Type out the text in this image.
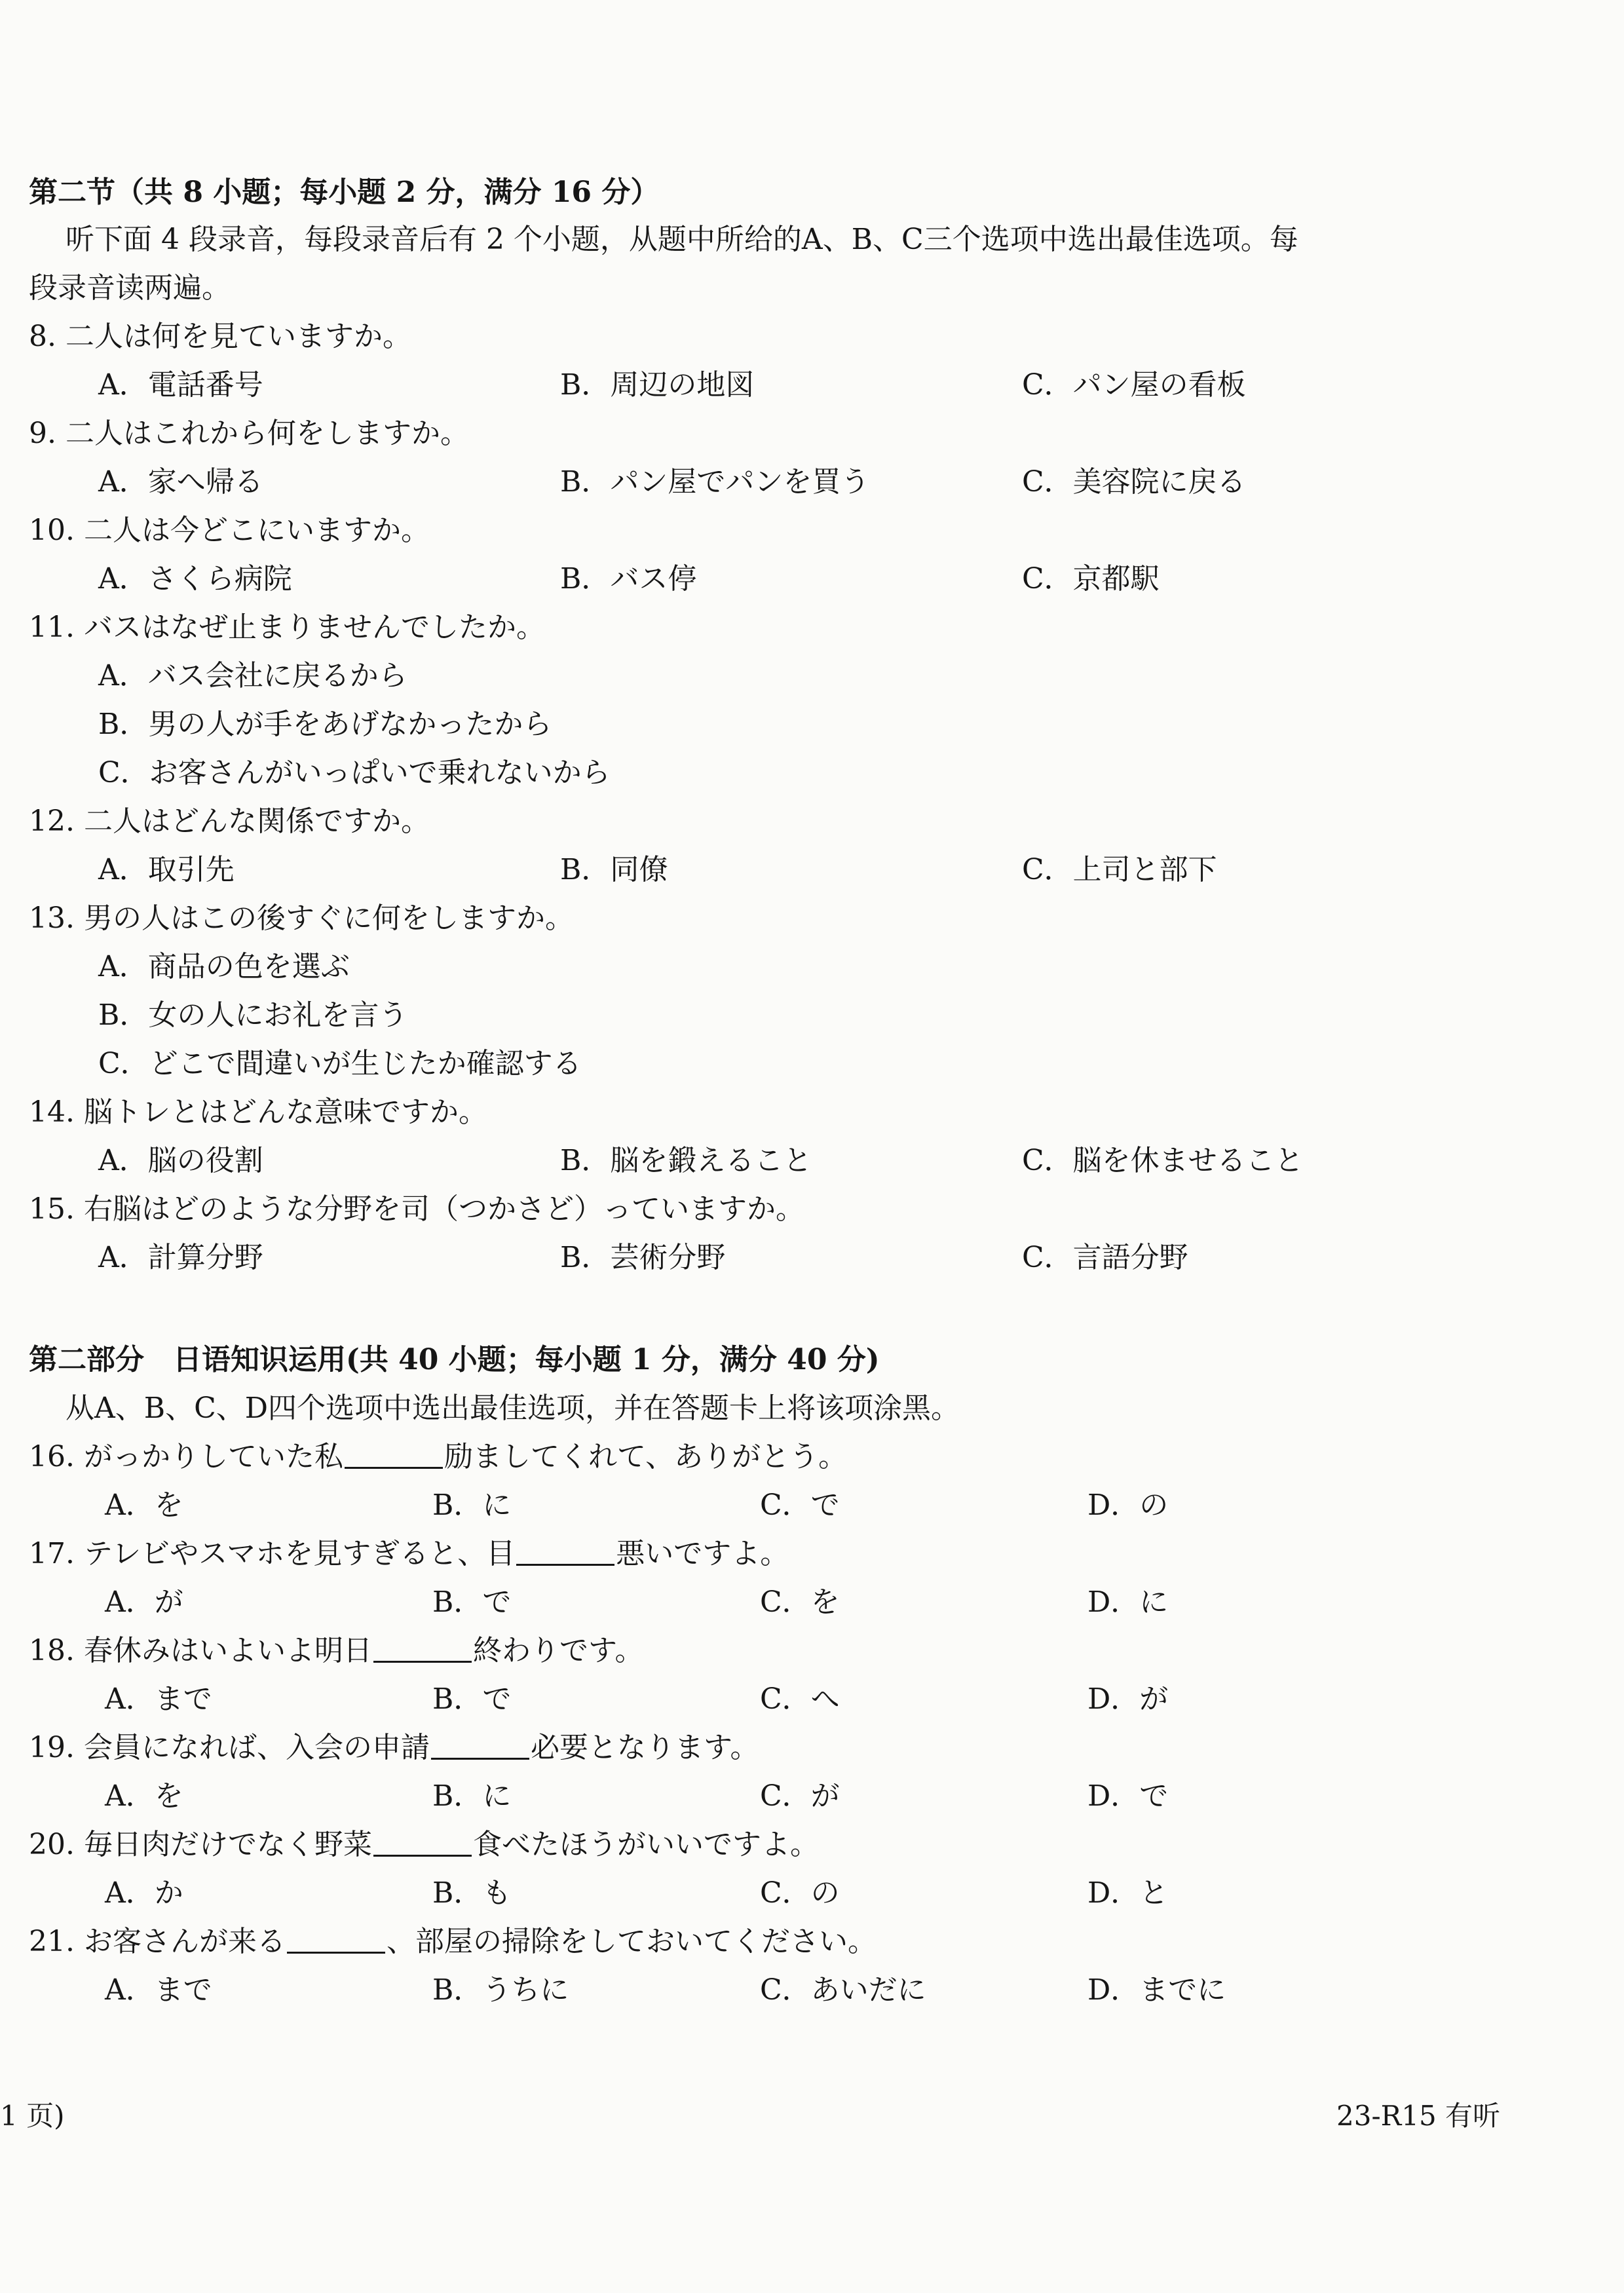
第二节（共 8 小题；每小题 2 分，满分 16 分）
听下面 4 段录音，每段录音后有 2 个小题，从题中所给的A、B、C三个选项中选出最佳选项。每
段录音读两遍。
8. 二人は何を見ていますか。
A．電話番号	B．周辺の地図	C．パン屋の看板
9. 二人はこれから何をしますか。
A．家へ帰る	B．パン屋でパンを買う	C．美容院に戻る
10. 二人は今どこにいますか。
A．さくら病院	B．バス停	C．京都駅
11. バスはなぜ止まりませんでしたか。
A．バス会社に戻るから
B．男の人が手をあげなかったから
C．お客さんがいっぱいで乗れないから
12. 二人はどんな関係ですか。
A．取引先	B．同僚	C．上司と部下
13. 男の人はこの後すぐに何をしますか。
A．商品の色を選ぶ
B．女の人にお礼を言う
C．どこで間違いが生じたか確認する
14. 脳トレとはどんな意味ですか。
A．脳の役割	B．脳を鍛えること	C．脳を休ませること
15. 右脳はどのような分野を司（つかさど）っていますか。
A．計算分野	B．芸術分野	C．言語分野
第二部分　日语知识运用(共 40 小题；每小题 1 分，满分 40 分)
从A、B、C、D四个选项中选出最佳选项，并在答题卡上将该项涂黑。
16. がっかりしていた私	励ましてくれて、ありがとう。
A．を	B．に	C．で	D．の
17. テレビやスマホを見すぎると、目	悪いですよ。
A．が	B．で	C．を	D．に
18. 春休みはいよいよ明日	終わりです。
A．まで	B．で	C．へ	D．が
19. 会員になれば、入会の申請	必要となります。
A．を	B．に	C．が	D．で
20. 毎日肉だけでなく野菜	食べたほうがいいですよ。
A．か	B．も	C．の	D．と
21. お客さんが来る	、部屋の掃除をしておいてください。
A．まで	B．うちに	C．あいだに	D．までに
1 页)	23-R15 有听
